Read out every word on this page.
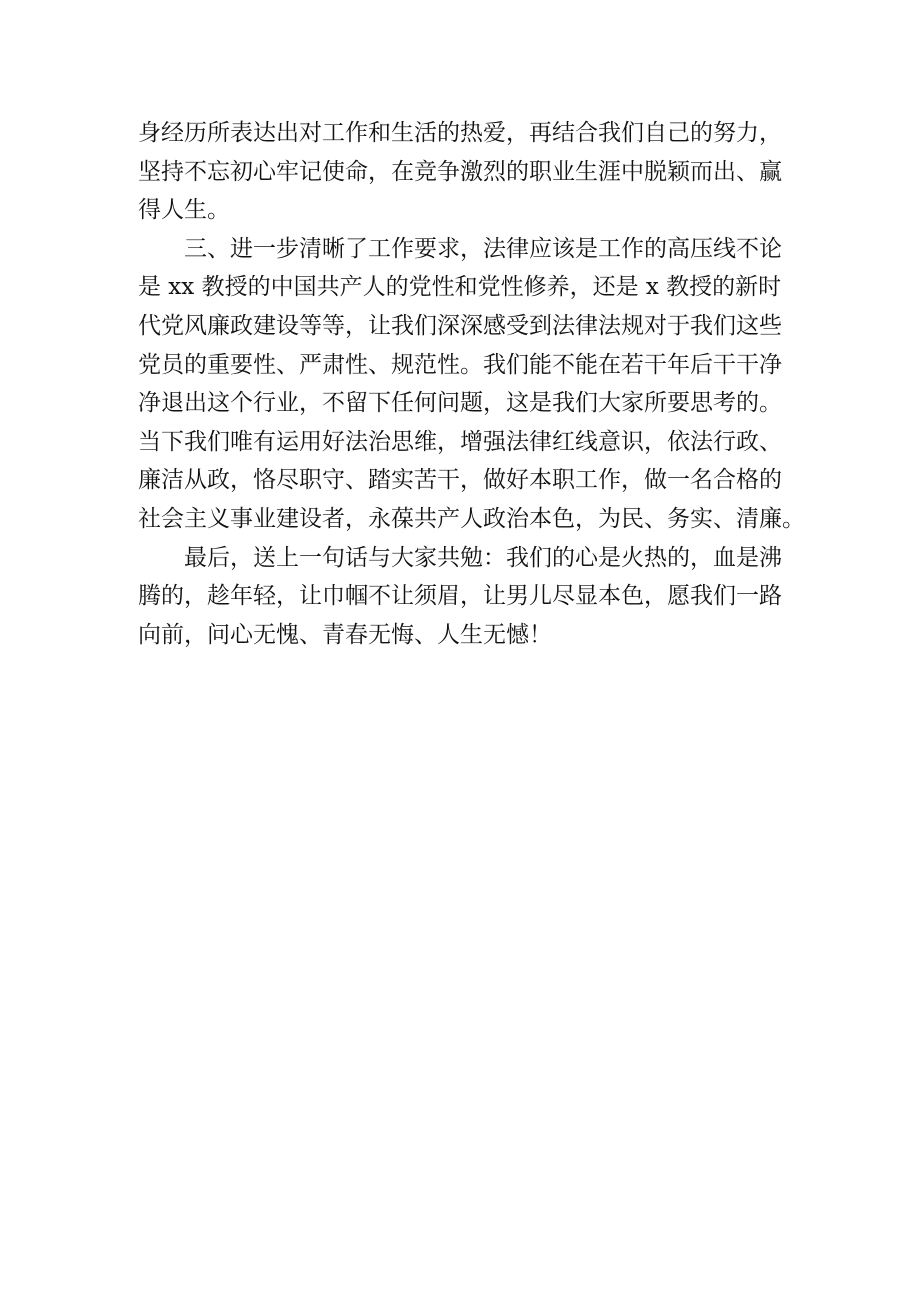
身经历所表达出对工作和生活的热爱，再结合我们自己的努力，
坚持不忘初心牢记使命，在竞争激烈的职业生涯中脱颖而出、赢
得人生。
三、进一步清晰了工作要求，法律应该是工作的高压线不论
是 xx 教授的中国共产人的党性和党性修养，还是 x 教授的新时
代党风廉政建设等等，让我们深深感受到法律法规对于我们这些
党员的重要性、严肃性、规范性。我们能不能在若干年后干干净
净退出这个行业，不留下任何问题，这是我们大家所要思考的。
当下我们唯有运用好法治思维，增强法律红线意识，依法行政、
廉洁从政，恪尽职守、踏实苦干，做好本职工作，做一名合格的
社会主义事业建设者，永葆共产人政治本色，为民、务实、清廉。
最后，送上一句话与大家共勉：我们的心是火热的，血是沸
腾的，趁年轻，让巾帼不让须眉，让男儿尽显本色，愿我们一路
向前，问心无愧、青春无悔、人生无憾！
